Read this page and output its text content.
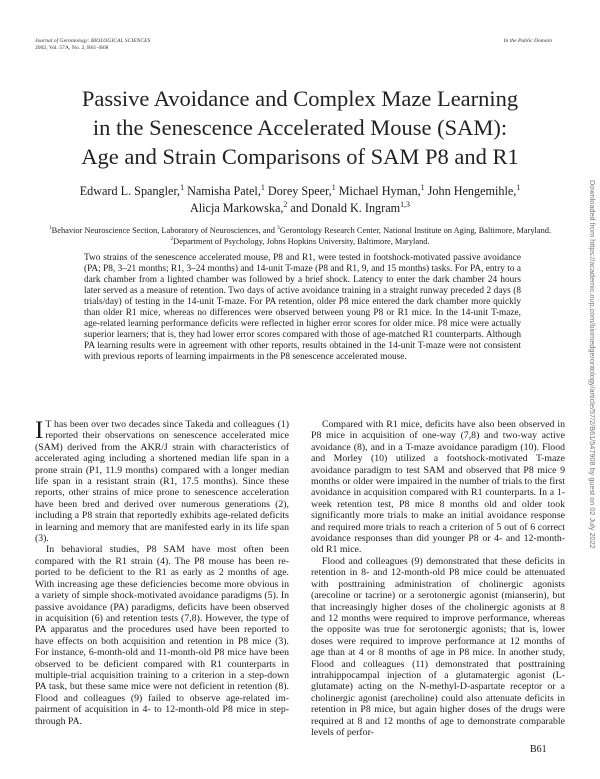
Journal of Gerontology: BIOLOGICAL SCIENCES
2002, Vol. 57A, No. 2, B61–B68
In the Public Domain
Passive Avoidance and Complex Maze Learning
in the Senescence Accelerated Mouse (SAM):
Age and Strain Comparisons of SAM P8 and R1
Edward L. Spangler,$^1$ Namisha Patel,$^1$ Dorey Speer,$^1$ Michael Hyman,$^1$ John Hengemihle,$^1$
Alicja Markowska,$^2$ and Donald K. Ingram$^{1,3}$
$^1$Behavior Neuroscience Section, Laboratory of Neurosciences, and $^3$Gerontology Research Center, National Institute on Aging, Baltimore, Maryland.
$^2$Department of Psychology, Johns Hopkins University, Baltimore, Maryland.
Two strains of the senescence accelerated mouse, P8 and R1, were tested in footshock-motivated passive avoidance (PA; P8, 3–21 months; R1, 3–24 months) and 14-unit T-maze (P8 and R1, 9, and 15 months) tasks. For PA, entry to a dark chamber from a lighted chamber was followed by a brief shock. Latency to enter the dark chamber 24 hours later served as a measure of retention. Two days of active avoidance training in a straight runway preceded 2 days (8 trials/day) of testing in the 14-unit T-maze. For PA retention, older P8 mice entered the dark chamber more quickly than older R1 mice, whereas no differences were observed between young P8 or R1 mice. In the 14-unit T-maze, age-related learning performance deficits were reflected in higher error scores for older mice. P8 mice were actually superior learners; that is, they had lower error scores compared with those of age-matched R1 counterparts. Although PA learning results were in agreement with other reports, results obtained in the 14-unit T-maze were not consistent with previous reports of learning impairments in the P8 senescence accelerated mouse.

I T has been over two decades since Takeda and colleagues (1) reported their observations on senescence accelerated mice (SAM) derived from the AKR/J strain with characteristics of accelerated aging including a shortened median life span in a prone strain (P1, 11.9 months) compared with a longer median life span in a resistant strain (R1, 17.5 months). Since these reports, other strains of mice prone to senescence acceleration have been bred and derived over numerous generations (2), including a P8 strain that reportedly exhibits age-related deficits in learning and memory that are manifested early in its life span (3).

In behavioral studies, P8 SAM have most often been compared with the R1 strain (4). The P8 mouse has been reported to be deficient to the R1 as early as 2 months of age. With increasing age these deficiencies become more obvious in a variety of simple shock-motivated avoidance paradigms (5). In passive avoidance (PA) paradigms, deficits have been observed in acquisition (6) and retention tests (7,8). However, the type of PA apparatus and the procedures used have been reported to have effects on both acquisition and retention in P8 mice (3). For instance, 6-month-old and 11-month-old P8 mice have been observed to be deficient compared with R1 counterparts in multiple-trial acquisition training to a criterion in a step-down PA task, but these same mice were not deficient in retention (8). Flood and colleagues (9) failed to observe age-related impairment of acquisition in 4- to 12-month-old P8 mice in step-through PA.

Compared with R1 mice, deficits have also been observed in P8 mice in acquisition of one-way (7,8) and two-way active avoidance (8), and in a T-maze avoidance paradigm (10). Flood and Morley (10) utilized a footshock-motivated T-maze avoidance paradigm to test SAM and observed that P8 mice 9 months or older were impaired in the number of trials to the first avoidance in acquisition compared with R1 counterparts. In a 1-week retention test, P8 mice 8 months old and older took significantly more trials to make an initial avoidance response and required more trials to reach a criterion of 5 out of 6 correct avoidance responses than did younger P8 or 4- and 12-month-old R1 mice.

Flood and colleagues (9) demonstrated that these deficits in retention in 8- and 12-month-old P8 mice could be attenuated with posttraining administration of cholinergic agonists (arecoline or tacrine) or a serotonergic agonist (mianserin), but that increasingly higher doses of the cholinergic agonists at 8 and 12 months were required to improve performance, whereas the opposite was true for serotonergic agonists; that is, lower doses were required to improve performance at 12 months of age than at 4 or 8 months of age in P8 mice. In another study, Flood and colleagues (11) demonstrated that posttraining intrahippocampal injection of a glutamatergic agonist (L-glutamate) acting on the N-methyl-D-aspartate receptor or a cholinergic agonist (arecholine) could also attenuate deficits in retention in P8 mice, but again higher doses of the drugs were required at 8 and 12 months of age to demonstrate comparable levels of perfor-

B61
Downloaded from https://academic.oup.com/biomedgerontology/article/57/2/B61/547908 by guest on 02 July 2022
